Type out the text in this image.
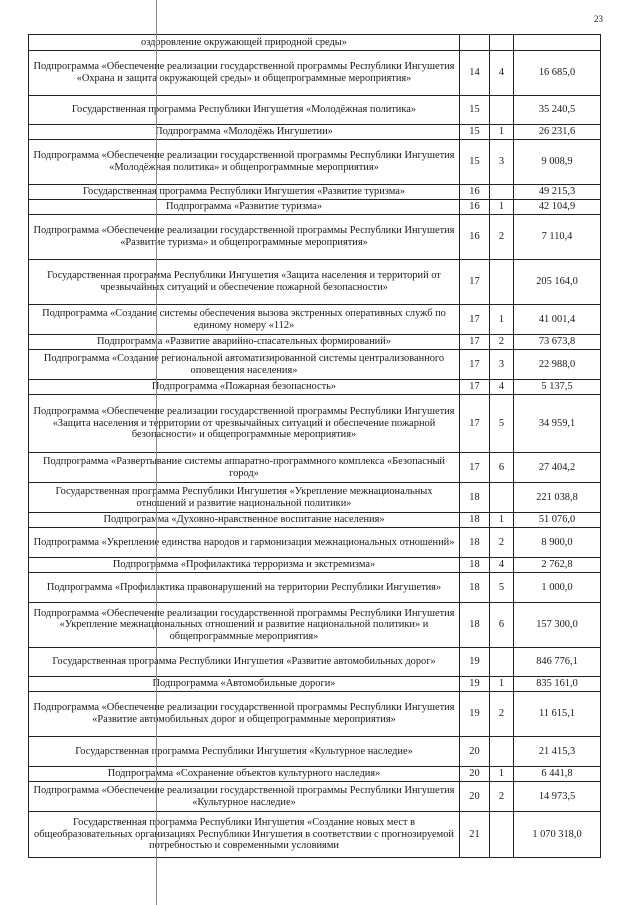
23
оздоровление окружающей природной среды»			
Подпрограмма «Обеспечение реализации государственной программы Республики Ингушетия «Охрана и защита окружающей среды» и общепрограммные мероприятия»	14	4	16 685,0
Государственная программа Республики Ингушетия «Молодёжная политика»	15		35 240,5
Подпрограмма «Молодёжь Ингушетии»	15	1	26 231,6
Подпрограмма «Обеспечение реализации государственной программы Республики Ингушетия «Молодёжная политика» и общепрограммные мероприятия»	15	3	9 008,9
Государственная программа Республики Ингушетия «Развитие туризма»	16		49 215,3
Подпрограмма «Развитие туризма»	16	1	42 104,9
Подпрограмма «Обеспечение реализации государственной программы Республики Ингушетия «Развитие туризма» и общепрограммные мероприятия»	16	2	7 110,4
Государственная программа Республики Ингушетия «Защита населения и территорий от чрезвычайных ситуаций и обеспечение пожарной безопасности»	17		205 164,0
Подпрограмма «Создание системы обеспечения вызова экстренных оперативных служб по единому номеру «112»	17	1	41 001,4
Подпрограмма «Развитие аварийно-спасательных формирований»	17	2	73 673,8
Подпрограмма «Создание региональной автоматизированной системы централизованного оповещения населения»	17	3	22 988,0
Подпрограмма «Пожарная безопасность»	17	4	5 137,5
Подпрограмма «Обеспечение реализации государственной программы Республики Ингушетия «Защита населения и территории от чрезвычайных ситуаций и обеспечение пожарной безопасности» и общепрограммные мероприятия»	17	5	34 959,1
Подпрограмма «Развертывание системы аппаратно-программного комплекса «Безопасный город»	17	6	27 404,2
Государственная программа Республики Ингушетия «Укрепление межнациональных отношений и развитие национальной политики»	18		221 038,8
Подпрограмма «Духовно-нравственное воспитание населения»	18	1	51 076,0
Подпрограмма «Укрепление единства народов и гармонизация межнациональных отношений»	18	2	8 900,0
Подпрограмма «Профилактика терроризма и экстремизма»	18	4	2 762,8
Подпрограмма «Профилактика правонарушений на территории Республики Ингушетия»	18	5	1 000,0
Подпрограмма «Обеспечение реализации государственной программы Республики Ингушетия «Укрепление межнациональных отношений и развитие национальной политики» и общепрограммные мероприятия»	18	6	157 300,0
Государственная программа Республики Ингушетия «Развитие автомобильных дорог»	19		846 776,1
Подпрограмма «Автомобильные дороги»	19	1	835 161,0
Подпрограмма «Обеспечение реализации государственной программы Республики Ингушетия «Развитие автомобильных дорог и общепрограммные мероприятия»	19	2	11 615,1
Государственная программа Республики Ингушетия «Культурное наследие»	20		21 415,3
Подпрограмма «Сохранение объектов культурного наследия»	20	1	6 441,8
Подпрограмма «Обеспечение реализации государственной программы Республики Ингушетия «Культурное наследие»	20	2	14 973,5
Государственная программа Республики Ингушетия «Создание новых мест в общеобразовательных организациях Республики Ингушетия в соответствии с прогнозируемой потребностью и современными условиями	21		1 070 318,0
